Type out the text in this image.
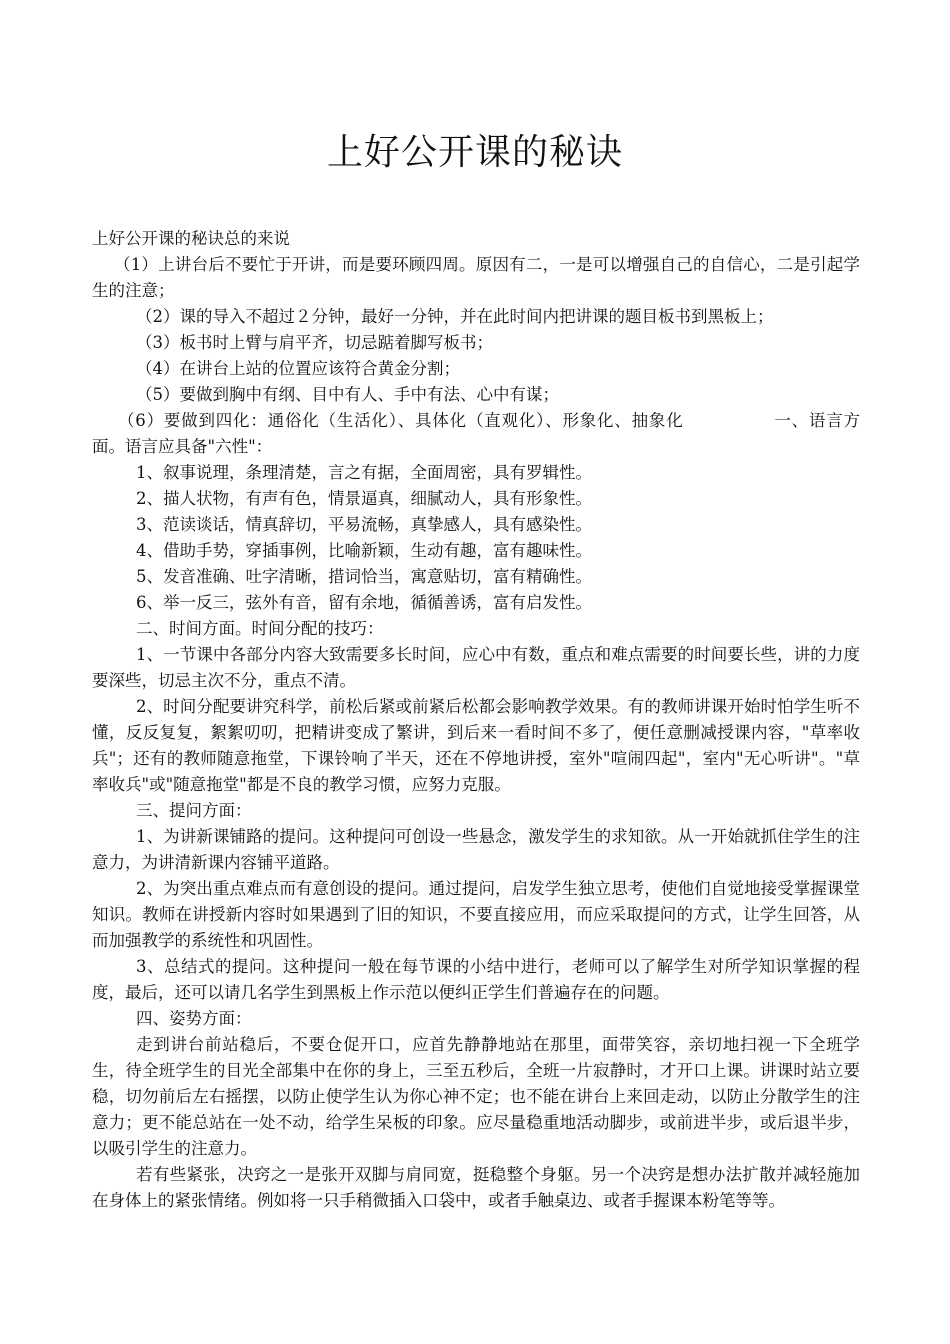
上好公开课的秘诀

上好公开课的秘诀总的来说

（1）上讲台后不要忙于开讲，而是要环顾四周。原因有二，一是可以增强自己的自信心，二是引起学生的注意；

（2）课的导入不超过２分钟，最好一分钟，并在此时间内把讲课的题目板书到黑板上；

（3）板书时上臂与肩平齐，切忌踮着脚写板书；

（4）在讲台上站的位置应该符合黄金分割；

（5）要做到胸中有纲、目中有人、手中有法、心中有谋；

（6）要做到四化：通俗化（生活化）、具体化（直观化）、形象化、抽象化	一、语言方面。语言应具备"六性"：

1、叙事说理，条理清楚，言之有据，全面周密，具有罗辑性。

2、描人状物，有声有色，情景逼真，细腻动人，具有形象性。

3、范读谈话，情真辞切，平易流畅，真挚感人，具有感染性。

4、借助手势，穿插事例，比喻新颖，生动有趣，富有趣味性。

5、发音准确、吐字清晰，措词恰当，寓意贴切，富有精确性。

6、举一反三，弦外有音，留有余地，循循善诱，富有启发性。

二、时间方面。时间分配的技巧：

1、一节课中各部分内容大致需要多长时间，应心中有数，重点和难点需要的时间要长些，讲的力度要深些，切忌主次不分，重点不清。

2、时间分配要讲究科学，前松后紧或前紧后松都会影响教学效果。有的教师讲课开始时怕学生听不懂，反反复复，絮絮叨叨，把精讲变成了繁讲，到后来一看时间不多了，便任意删减授课内容，"草率收兵"；还有的教师随意拖堂，下课铃响了半天，还在不停地讲授，室外"喧闹四起"，室内"无心听讲"。"草率收兵"或"随意拖堂"都是不良的教学习惯，应努力克服。

三、提问方面：

1、为讲新课铺路的提问。这种提问可创设一些悬念，激发学生的求知欲。从一开始就抓住学生的注意力，为讲清新课内容铺平道路。

2、为突出重点难点而有意创设的提问。通过提问，启发学生独立思考，使他们自觉地接受掌握课堂知识。教师在讲授新内容时如果遇到了旧的知识，不要直接应用，而应采取提问的方式，让学生回答，从而加强教学的系统性和巩固性。

3、总结式的提问。这种提问一般在每节课的小结中进行，老师可以了解学生对所学知识掌握的程度，最后，还可以请几名学生到黑板上作示范以便纠正学生们普遍存在的问题。

四、姿势方面：

走到讲台前站稳后，不要仓促开口，应首先静静地站在那里，面带笑容，亲切地扫视一下全班学生，待全班学生的目光全部集中在你的身上，三至五秒后，全班一片寂静时，才开口上课。讲课时站立要稳，切勿前后左右摇摆，以防止使学生认为你心神不定；也不能在讲台上来回走动，以防止分散学生的注意力；更不能总站在一处不动，给学生呆板的印象。应尽量稳重地活动脚步，或前进半步，或后退半步，以吸引学生的注意力。

若有些紧张，决窍之一是张开双脚与肩同宽，挺稳整个身躯。另一个决窍是想办法扩散并减轻施加在身体上的紧张情绪。例如将一只手稍微插入口袋中，或者手触桌边、或者手握课本粉笔等等。
